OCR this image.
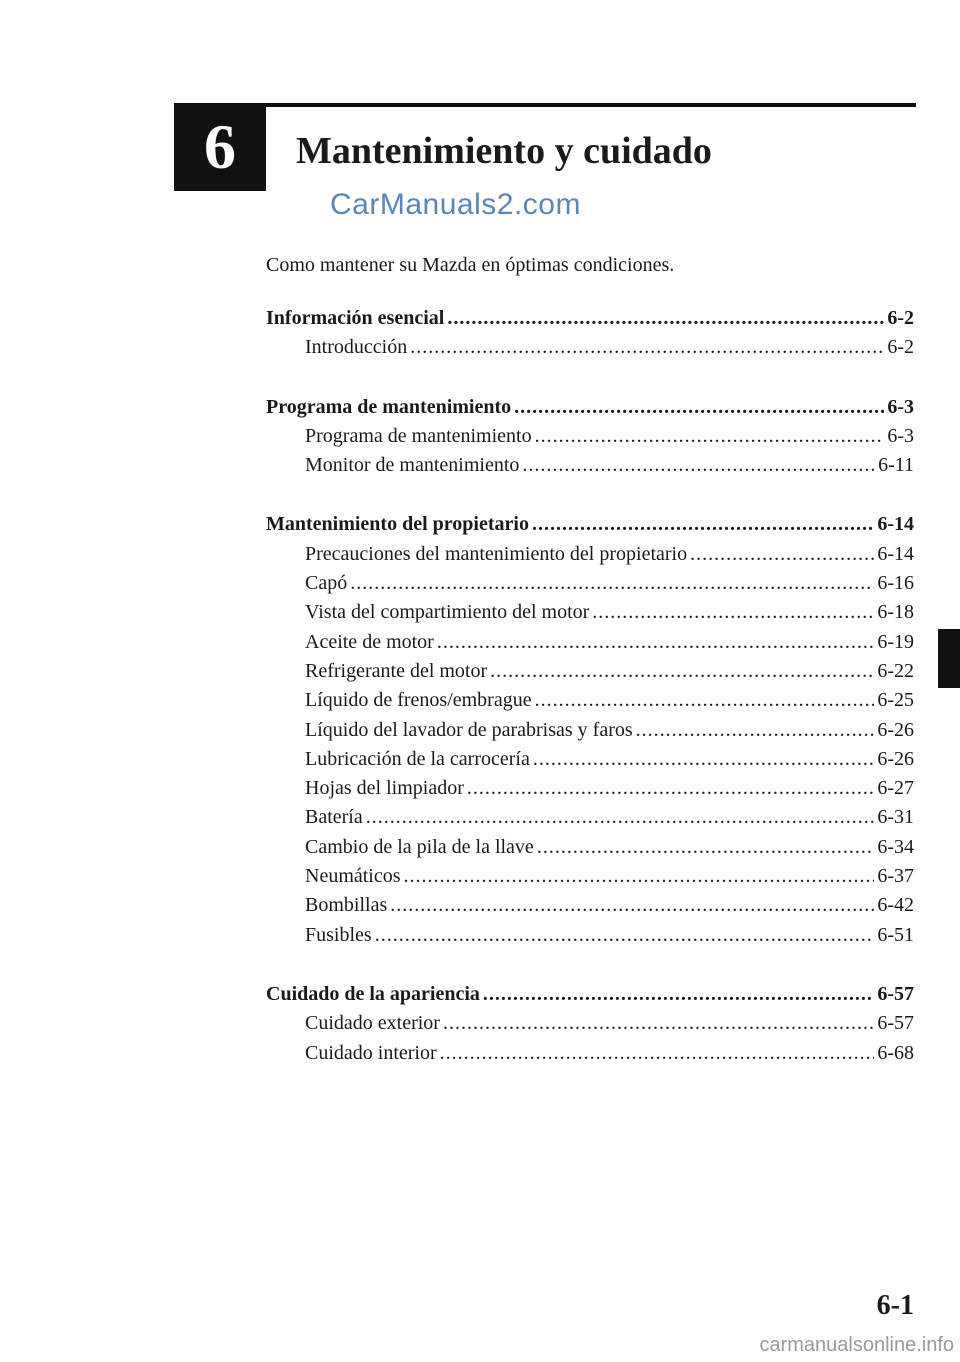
6	Mantenimiento y cuidado
CarManuals2.com
Como mantener su Mazda en óptimas condiciones.
Información esencial .....	6-2
Introducción .....	6-2
Programa de mantenimiento .....	6-3
Programa de mantenimiento .....	6-3
Monitor de mantenimiento .....	6-11
Mantenimiento del propietario .....	6-14
Precauciones del mantenimiento del propietario .....	6-14
Capó .....	6-16
Vista del compartimiento del motor .....	6-18
Aceite de motor .....	6-19
Refrigerante del motor .....	6-22
Líquido de frenos/embrague .....	6-25
Líquido del lavador de parabrisas y faros .....	6-26
Lubricación de la carrocería .....	6-26
Hojas del limpiador .....	6-27
Batería .....	6-31
Cambio de la pila de la llave .....	6-34
Neumáticos .....	6-37
Bombillas .....	6-42
Fusibles .....	6-51
Cuidado de la apariencia .....	6-57
Cuidado exterior .....	6-57
Cuidado interior .....	6-68
6-1
carmanualsonline.info
